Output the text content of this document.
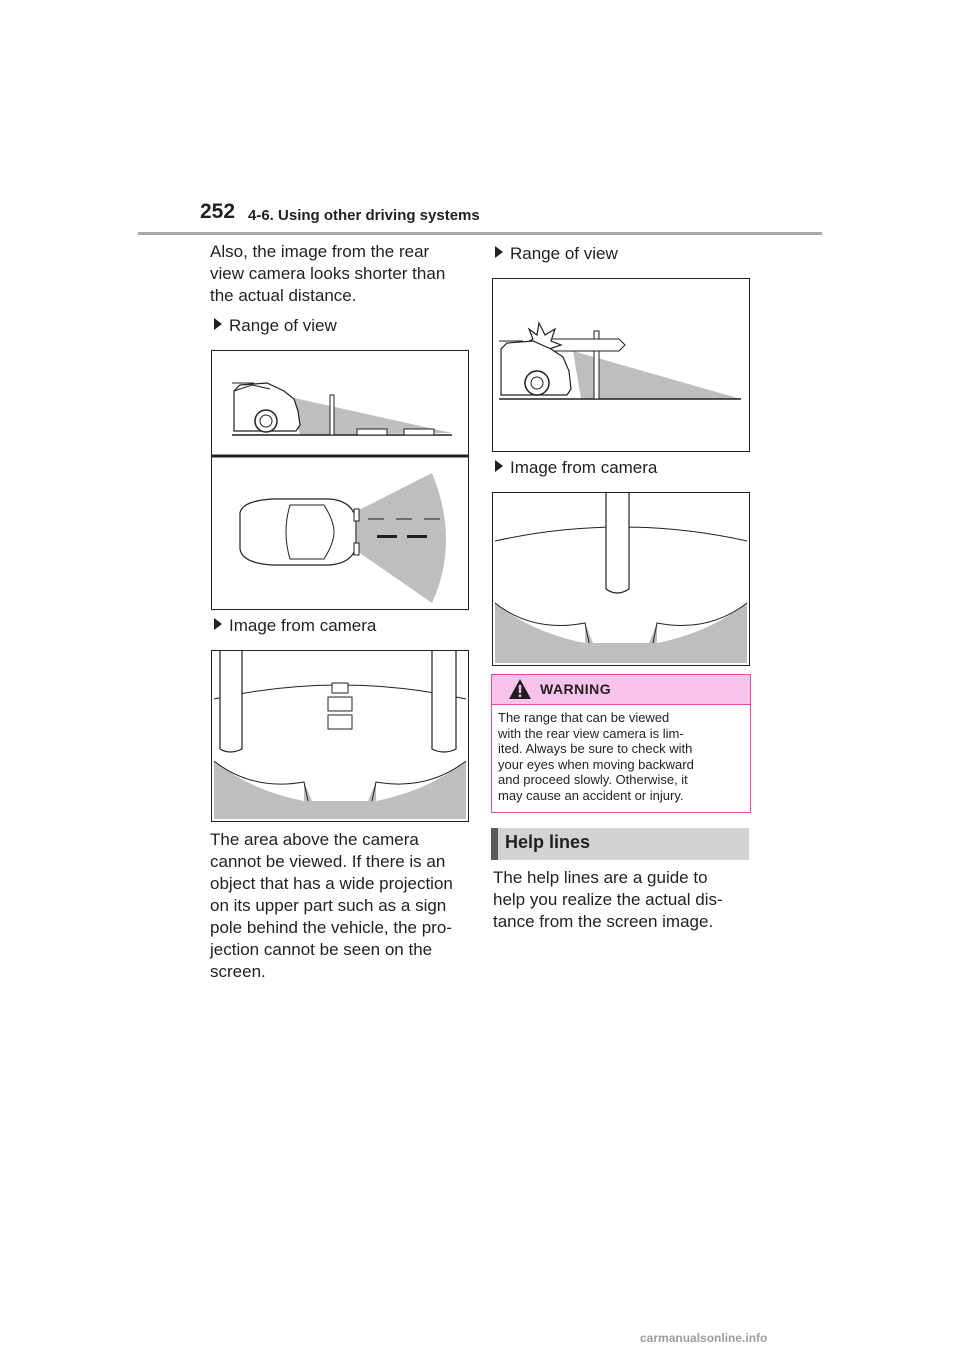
252 4-6. Using other driving systems
Also, the image from the rear
view camera looks shorter than
the actual distance.
Range of view
Image from camera
The area above the camera
cannot be viewed. If there is an
object that has a wide projection
on its upper part such as a sign
pole behind the vehicle, the pro-
jection cannot be seen on the
screen.
Range of view
Image from camera
WARNING
The range that can be viewed
with the rear view camera is lim-
ited. Always be sure to check with
your eyes when moving backward
and proceed slowly. Otherwise, it
may cause an accident or injury.
Help lines
The help lines are a guide to
help you realize the actual dis-
tance from the screen image.
carmanualsonline.info
